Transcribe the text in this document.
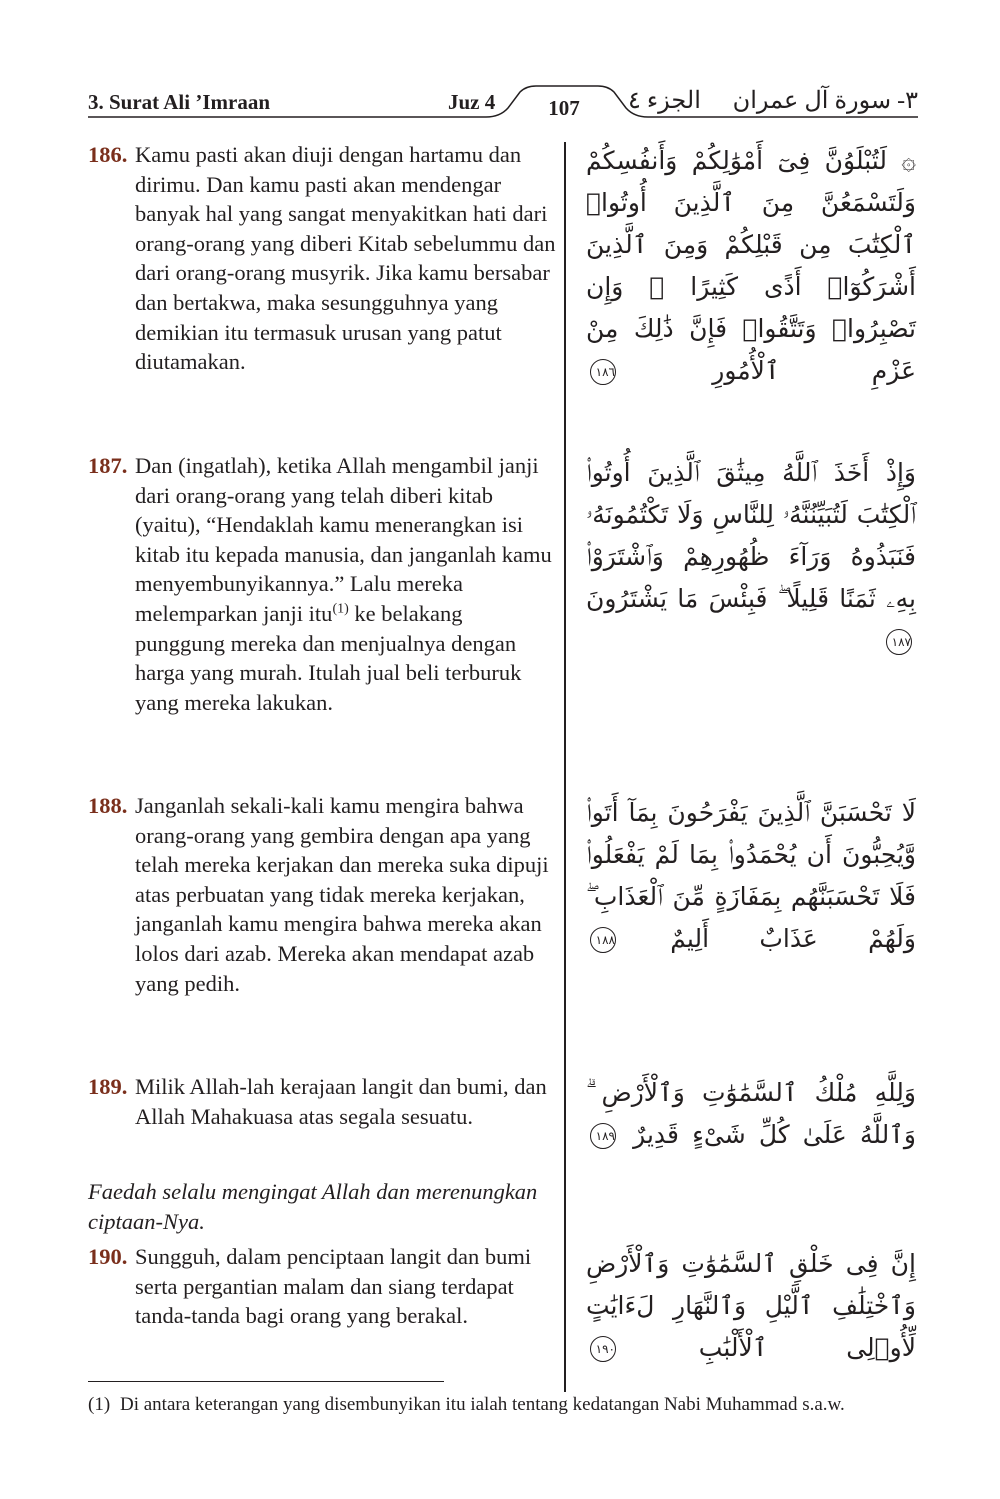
3. Surat Ali ’Imraan	Juz 4	107	الجزء ٤ ٣- سورة آل عمران
186. Kamu pasti akan diuji dengan hartamu dan dirimu. Dan kamu pasti akan mendengar banyak hal yang sangat menyakitkan hati dari orang-orang yang diberi Kitab sebelummu dan dari orang-orang musyrik. Jika kamu bersabar dan bertakwa, maka sesungguhnya yang demikian itu termasuk urusan yang patut diutamakan.
۞ لَتُبْلَوُنَّ فِىٓ أَمْوَٰلِكُمْ وَأَنفُسِكُمْ وَلَتَسْمَعُنَّ مِنَ ٱلَّذِينَ أُوتُوا۟ ٱلْكِتَٰبَ مِن قَبْلِكُمْ وَمِنَ ٱلَّذِينَ أَشْرَكُوٓا۟ أَذًى كَثِيرًا ۚ وَإِن تَصْبِرُوا۟ وَتَتَّقُوا۟ فَإِنَّ ذَٰلِكَ مِنْ عَزْمِ ٱلْأُمُورِ ١٨٦
187. Dan (ingatlah), ketika Allah mengambil janji dari orang-orang yang telah diberi kitab (yaitu), “Hendaklah kamu menerangkan isi kitab itu kepada manusia, dan janganlah kamu menyembunyikannya.” Lalu mereka melemparkan janji itu$^{(1)}$ ke belakang punggung mereka dan menjualnya dengan harga yang murah. Itulah jual beli terburuk yang mereka lakukan.
وَإِذْ أَخَذَ ٱللَّهُ مِيثَٰقَ ٱلَّذِينَ أُوتُوا۟ ٱلْكِتَٰبَ لَتُبَيِّنُنَّهُۥ لِلنَّاسِ وَلَا تَكْتُمُونَهُۥ فَنَبَذُوهُ وَرَآءَ ظُهُورِهِمْ وَٱشْتَرَوْا۟ بِهِۦ ثَمَنًا قَلِيلًا ۖ فَبِئْسَ مَا يَشْتَرُونَ ١٨٧
188. Janganlah sekali-kali kamu mengira bahwa orang-orang yang gembira dengan apa yang telah mereka kerjakan dan mereka suka dipuji atas perbuatan yang tidak mereka kerjakan, janganlah kamu mengira bahwa mereka akan lolos dari azab. Mereka akan mendapat azab yang pedih.
لَا تَحْسَبَنَّ ٱلَّذِينَ يَفْرَحُونَ بِمَآ أَتَوا۟ وَّيُحِبُّونَ أَن يُحْمَدُوا۟ بِمَا لَمْ يَفْعَلُوا۟ فَلَا تَحْسَبَنَّهُم بِمَفَازَةٍ مِّنَ ٱلْعَذَابِ ۖ وَلَهُمْ عَذَابٌ أَلِيمٌ ١٨٨
189. Milik Allah-lah kerajaan langit dan bumi, dan Allah Mahakuasa atas segala sesuatu.
وَلِلَّهِ مُلْكُ ٱلسَّمَٰوَٰتِ وَٱلْأَرْضِ ۗ وَٱللَّهُ عَلَىٰ كُلِّ شَىْءٍ قَدِيرٌ ١٨٩
Faedah selalu mengingat Allah dan merenungkan ciptaan-Nya.
190. Sungguh, dalam penciptaan langit dan bumi serta pergantian malam dan siang terdapat tanda-tanda bagi orang yang berakal.
إِنَّ فِى خَلْقِ ٱلسَّمَٰوَٰتِ وَٱلْأَرْضِ وَٱخْتِلَٰفِ ٱلَّيْلِ وَٱلنَّهَارِ لَءَايَٰتٍ لِّأُو۟لِى ٱلْأَلْبَٰبِ ١٩٠
(1) Di antara keterangan yang disembunyikan itu ialah tentang kedatangan Nabi Muhammad s.a.w.
